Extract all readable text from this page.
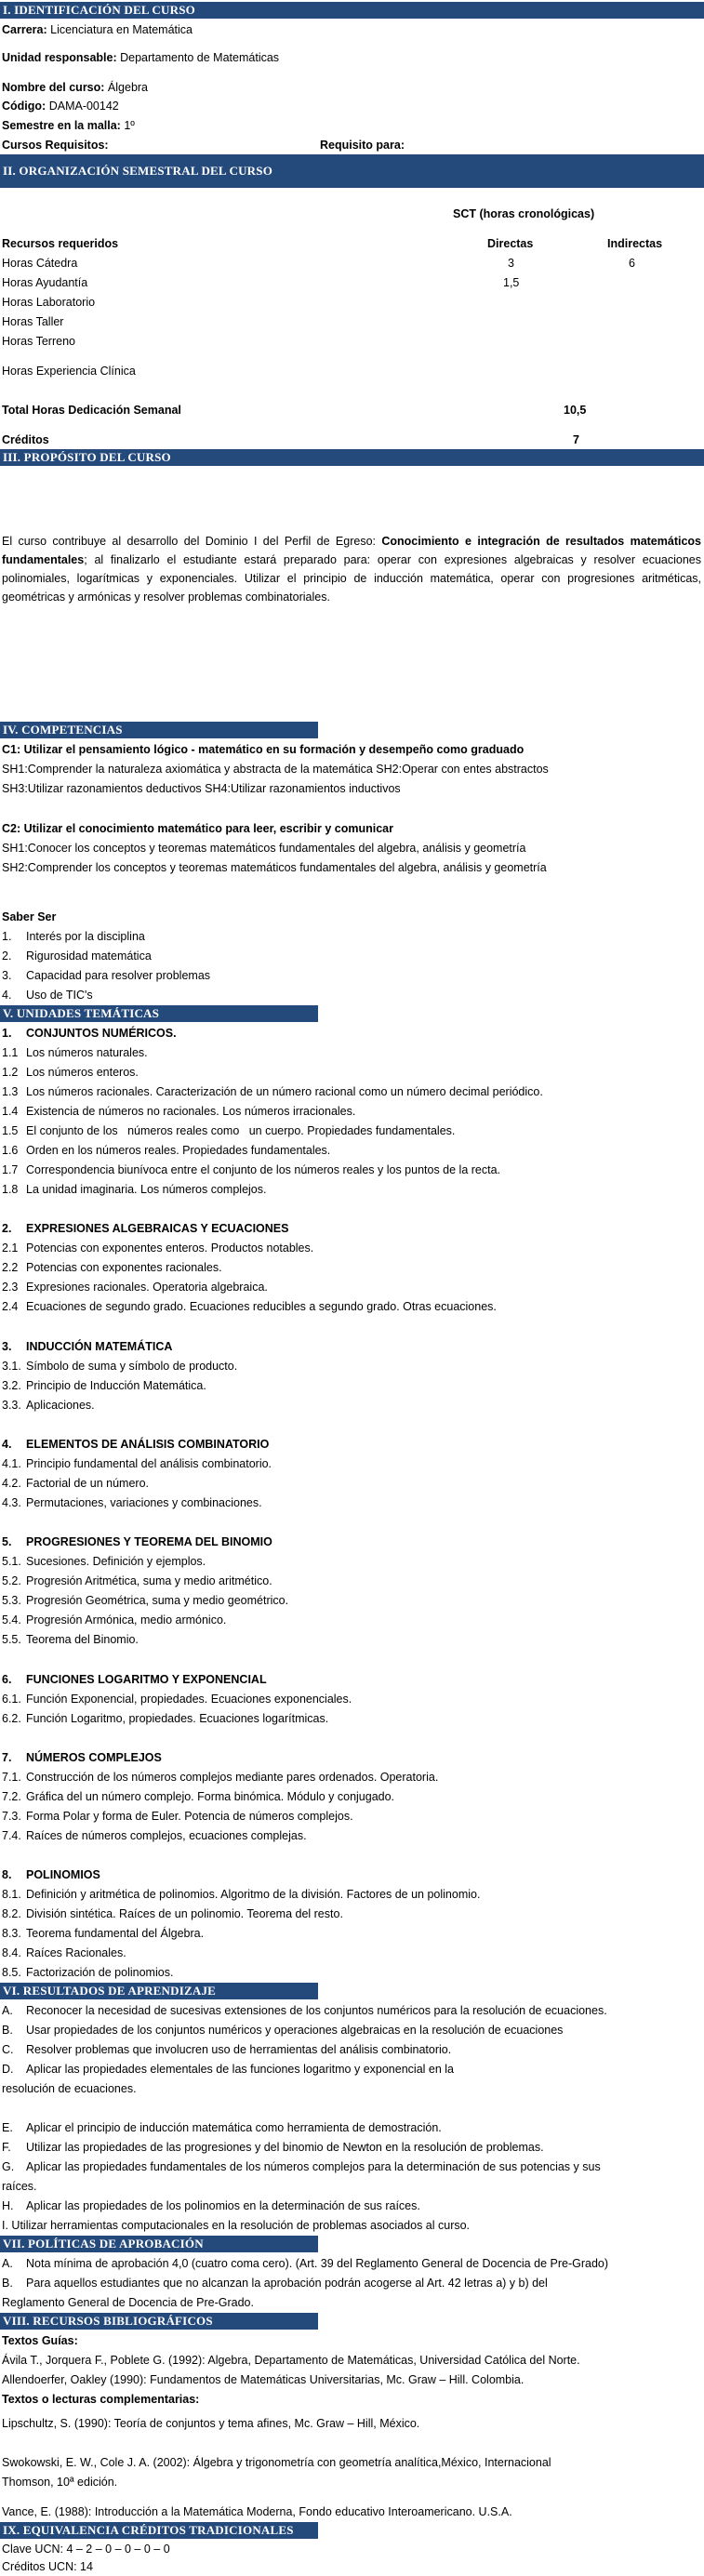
I. IDENTIFICACIÓN DEL CURSO
Carrera: Licenciatura en Matemática
Unidad responsable: Departamento de Matemáticas
Nombre del curso: Álgebra
Código: DAMA-00142
Semestre en la malla: 1º
Cursos Requisitos:	Requisito para:
II. ORGANIZACIÓN SEMESTRAL DEL CURSO
SCT (horas cronológicas)
Recursos requeridos	Directas	Indirectas
Horas Cátedra	3	6
Horas Ayudantía	1,5
Horas Laboratorio
Horas Taller
Horas Terreno
Horas Experiencia Clínica
Total Horas Dedicación Semanal	10,5
Créditos	7
III. PROPÓSITO DEL CURSO
El curso contribuye al desarrollo del Dominio I del Perfil de Egreso: Conocimiento e integración de resultados matemáticos fundamentales; al finalizarlo el estudiante estará preparado para: operar con expresiones algebraicas y resolver ecuaciones polinomiales, logarítmicas y exponenciales. Utilizar el principio de inducción matemática, operar con progresiones aritméticas, geométricas y armónicas y resolver problemas combinatoriales.
IV. COMPETENCIAS
C1: Utilizar el pensamiento lógico - matemático en su formación y desempeño como graduado
SH1:Comprender la naturaleza axiomática y abstracta de la matemática SH2:Operar con entes abstractos
SH3:Utilizar razonamientos deductivos SH4:Utilizar razonamientos inductivos
C2: Utilizar el conocimiento matemático para leer, escribir y comunicar
SH1:Conocer los conceptos y teoremas matemáticos fundamentales del algebra, análisis y geometría
SH2:Comprender los conceptos y teoremas matemáticos fundamentales del algebra, análisis y geometría
Saber Ser
1. Interés por la disciplina
2. Rigurosidad matemática
3. Capacidad para resolver problemas
4. Uso de TIC's
V. UNIDADES TEMÁTICAS
1. CONJUNTOS NUMÉRICOS.
1.1 Los números naturales.
1.2 Los números enteros.
1.3 Los números racionales. Caracterización de un número racional como un número decimal periódico.
1.4 Existencia de números no racionales. Los números irracionales.
1.5 El conjunto de los   números reales como   un cuerpo. Propiedades fundamentales.
1.6 Orden en los números reales. Propiedades fundamentales.
1.7 Correspondencia biunívoca entre el conjunto de los números reales y los puntos de la recta.
1.8 La unidad imaginaria. Los números complejos.
2. EXPRESIONES ALGEBRAICAS Y ECUACIONES
2.1 Potencias con exponentes enteros. Productos notables.
2.2 Potencias con exponentes racionales.
2.3 Expresiones racionales. Operatoria algebraica.
2.4 Ecuaciones de segundo grado. Ecuaciones reducibles a segundo grado. Otras ecuaciones.
3. INDUCCIÓN MATEMÁTICA
3.1. Símbolo de suma y símbolo de producto.
3.2. Principio de Inducción Matemática.
3.3. Aplicaciones.
4. ELEMENTOS DE ANÁLISIS COMBINATORIO
4.1. Principio fundamental del análisis combinatorio.
4.2. Factorial de un número.
4.3. Permutaciones, variaciones y combinaciones.
5. PROGRESIONES Y TEOREMA DEL BINOMIO
5.1. Sucesiones. Definición y ejemplos.
5.2. Progresión Aritmética, suma y medio aritmético.
5.3. Progresión Geométrica, suma y medio geométrico.
5.4. Progresión Armónica, medio armónico.
5.5. Teorema del Binomio.
6. FUNCIONES LOGARITMO Y EXPONENCIAL
6.1. Función Exponencial, propiedades. Ecuaciones exponenciales.
6.2. Función Logaritmo, propiedades. Ecuaciones logarítmicas.
7. NÚMEROS COMPLEJOS
7.1. Construcción de los números complejos mediante pares ordenados. Operatoria.
7.2. Gráfica del un número complejo. Forma binómica. Módulo y conjugado.
7.3. Forma Polar y forma de Euler. Potencia de números complejos.
7.4. Raíces de números complejos, ecuaciones complejas.
8. POLINOMIOS
8.1. Definición y aritmética de polinomios. Algoritmo de la división. Factores de un polinomio.
8.2. División sintética. Raíces de un polinomio. Teorema del resto.
8.3. Teorema fundamental del Álgebra.
8.4. Raíces Racionales.
8.5. Factorización de polinomios.
VI. RESULTADOS DE APRENDIZAJE
A. Reconocer la necesidad de sucesivas extensiones de los conjuntos numéricos para la resolución de ecuaciones.
B. Usar propiedades de los conjuntos numéricos y operaciones algebraicas en la resolución de ecuaciones
C. Resolver problemas que involucren uso de herramientas del análisis combinatorio.
D. Aplicar las propiedades elementales de las funciones logaritmo y exponencial en la
resolución de ecuaciones.
E. Aplicar el principio de inducción matemática como herramienta de demostración.
F. Utilizar las propiedades de las progresiones y del binomio de Newton en la resolución de problemas.
G. Aplicar las propiedades fundamentales de los números complejos para la determinación de sus potencias y sus
raíces.
H. Aplicar las propiedades de los polinomios en la determinación de sus raíces.
I. Utilizar herramientas computacionales en la resolución de problemas asociados al curso.
VII. POLÍTICAS DE APROBACIÓN
A. Nota mínima de aprobación 4,0 (cuatro coma cero). (Art. 39 del Reglamento General de Docencia de Pre-Grado)
B. Para aquellos estudiantes que no alcanzan la aprobación podrán acogerse al Art. 42 letras a) y b) del
Reglamento General de Docencia de Pre-Grado.
VIII. RECURSOS BIBLIOGRÁFICOS
Textos Guías:
Ávila T., Jorquera F., Poblete G. (1992): Algebra, Departamento de Matemáticas, Universidad Católica del Norte.
Allendoerfer, Oakley (1990): Fundamentos de Matemáticas Universitarias, Mc. Graw – Hill. Colombia.
Textos o lecturas complementarias:
Lipschultz, S. (1990): Teoría de conjuntos y tema afines, Mc. Graw – Hill, México.
Swokowski, E. W., Cole J. A. (2002): Álgebra y trigonometría con geometría analítica,México, Internacional
Thomson, 10ª edición.
Vance, E. (1988): Introducción a la Matemática Moderna, Fondo educativo Interoamericano. U.S.A.
IX. EQUIVALENCIA CRÉDITOS TRADICIONALES
Clave UCN: 4 – 2 – 0 – 0 – 0 – 0
Créditos UCN: 14
